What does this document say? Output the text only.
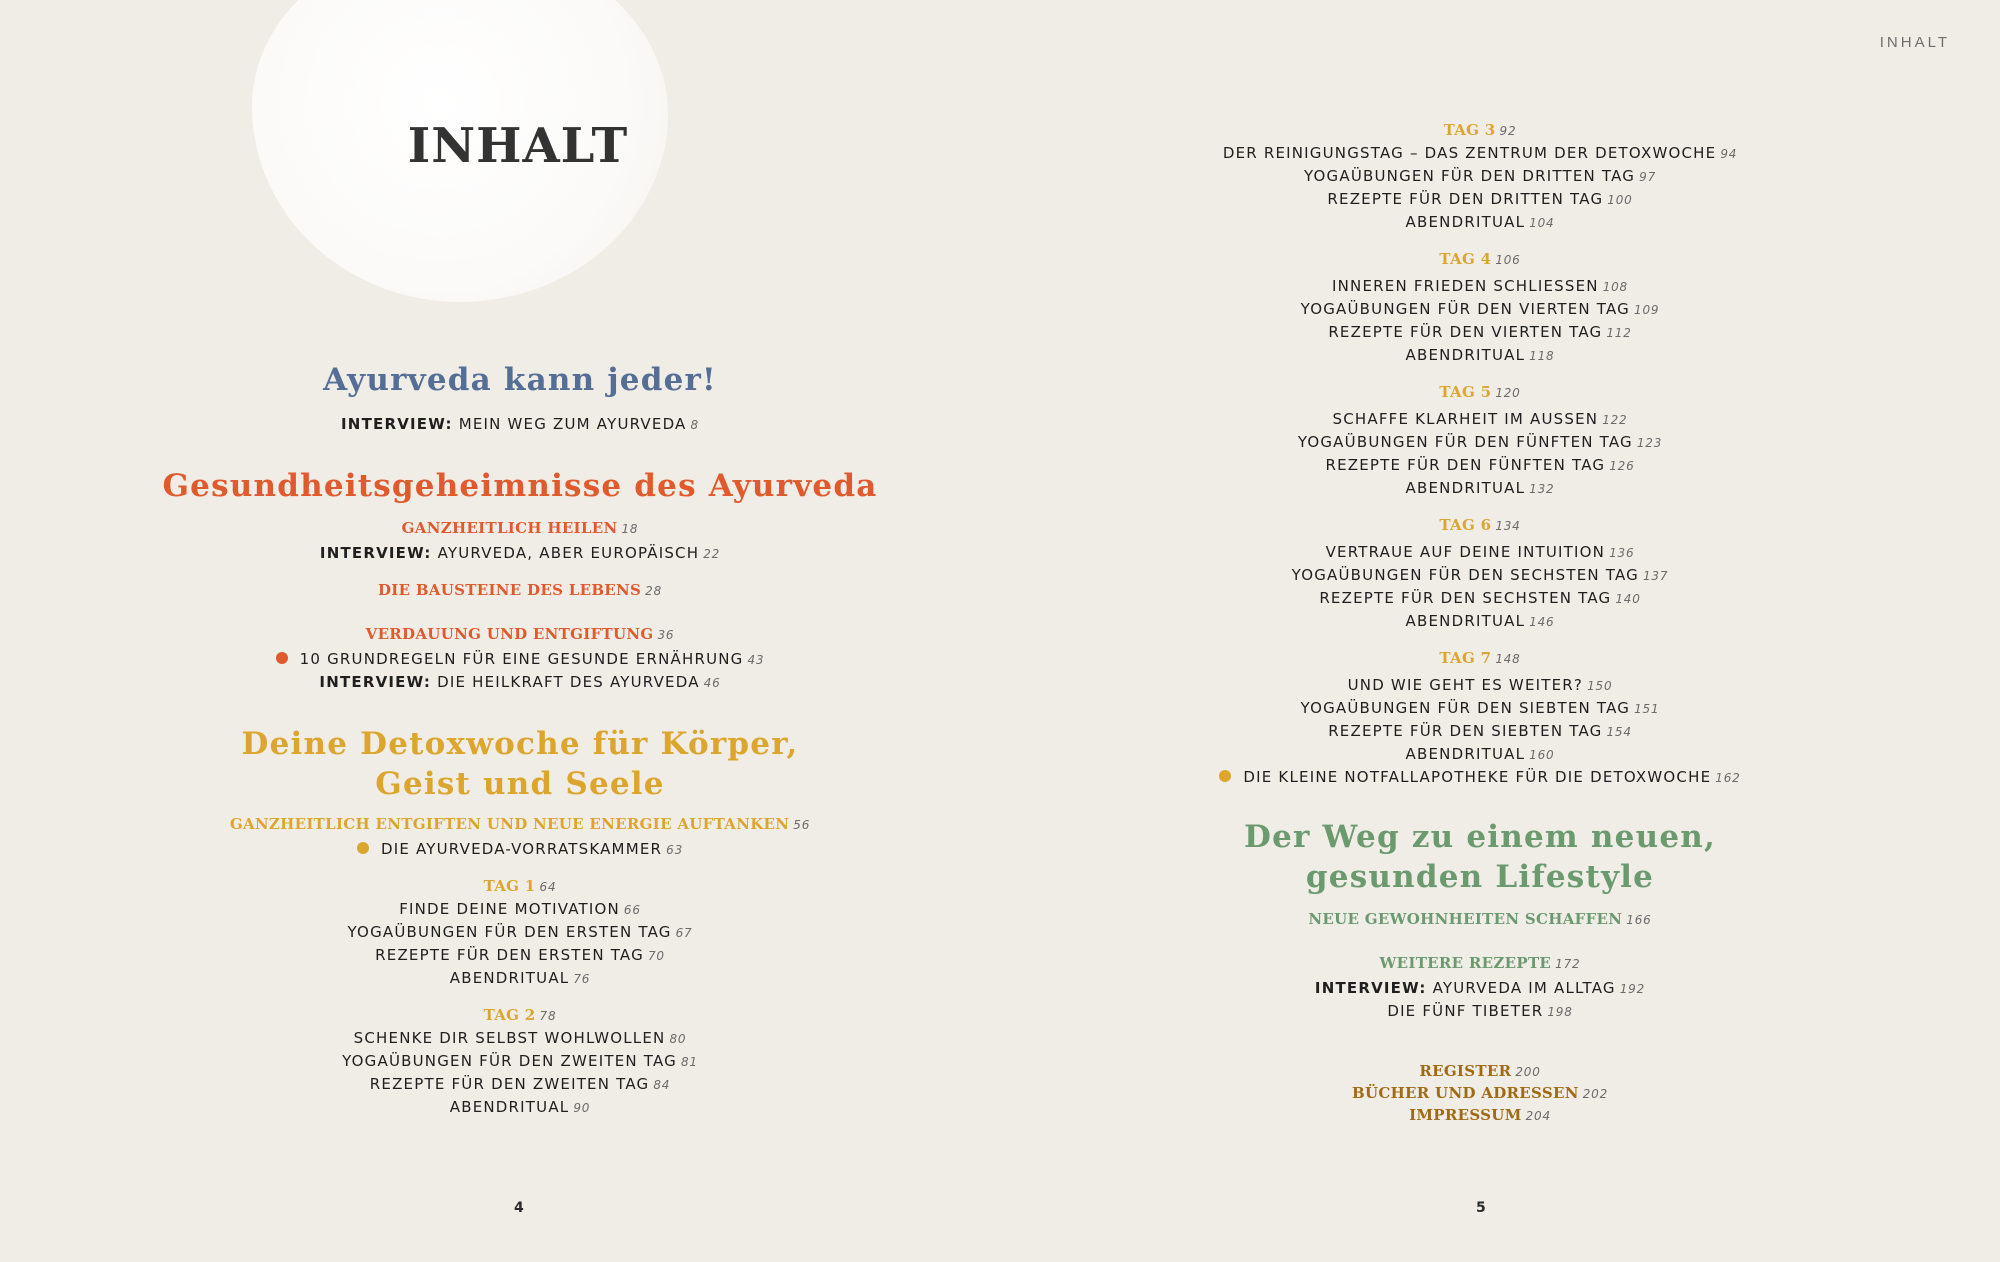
INHALT
Ayurveda kann jeder!
INTERVIEW: MEIN WEG ZUM AYURVEDA 8
Gesundheitsgeheimnisse des Ayurveda
GANZHEITLICH HEILEN 18
INTERVIEW: AYURVEDA, ABER EUROPÄISCH 22
DIE BAUSTEINE DES LEBENS 28
VERDAUUNG UND ENTGIFTUNG 36
10 GRUNDREGELN FÜR EINE GESUNDE ERNÄHRUNG 43
INTERVIEW: DIE HEILKRAFT DES AYURVEDA 46
Deine Detoxwoche für Körper,
Geist und Seele
GANZHEITLICH ENTGIFTEN UND NEUE ENERGIE AUFTANKEN 56
DIE AYURVEDA-VORRATSKAMMER 63
TAG 1 64
FINDE DEINE MOTIVATION 66
YOGAÜBUNGEN FÜR DEN ERSTEN TAG 67
REZEPTE FÜR DEN ERSTEN TAG 70
ABENDRITUAL 76
TAG 2 78
SCHENKE DIR SELBST WOHLWOLLEN 80
YOGAÜBUNGEN FÜR DEN ZWEITEN TAG 81
REZEPTE FÜR DEN ZWEITEN TAG 84
ABENDRITUAL 90
4
INHALT
TAG 3 92
DER REINIGUNGSTAG – DAS ZENTRUM DER DETOXWOCHE 94
YOGAÜBUNGEN FÜR DEN DRITTEN TAG 97
REZEPTE FÜR DEN DRITTEN TAG 100
ABENDRITUAL 104
TAG 4 106
INNEREN FRIEDEN SCHLIESSEN 108
YOGAÜBUNGEN FÜR DEN VIERTEN TAG 109
REZEPTE FÜR DEN VIERTEN TAG 112
ABENDRITUAL 118
TAG 5 120
SCHAFFE KLARHEIT IM AUSSEN 122
YOGAÜBUNGEN FÜR DEN FÜNFTEN TAG 123
REZEPTE FÜR DEN FÜNFTEN TAG 126
ABENDRITUAL 132
TAG 6 134
VERTRAUE AUF DEINE INTUITION 136
YOGAÜBUNGEN FÜR DEN SECHSTEN TAG 137
REZEPTE FÜR DEN SECHSTEN TAG 140
ABENDRITUAL 146
TAG 7 148
UND WIE GEHT ES WEITER? 150
YOGAÜBUNGEN FÜR DEN SIEBTEN TAG 151
REZEPTE FÜR DEN SIEBTEN TAG 154
ABENDRITUAL 160
DIE KLEINE NOTFALLAPOTHEKE FÜR DIE DETOXWOCHE 162
Der Weg zu einem neuen,
gesunden Lifestyle
NEUE GEWOHNHEITEN SCHAFFEN 166
WEITERE REZEPTE 172
INTERVIEW: AYURVEDA IM ALLTAG 192
DIE FÜNF TIBETER 198
REGISTER 200
BÜCHER UND ADRESSEN 202
IMPRESSUM 204
5
